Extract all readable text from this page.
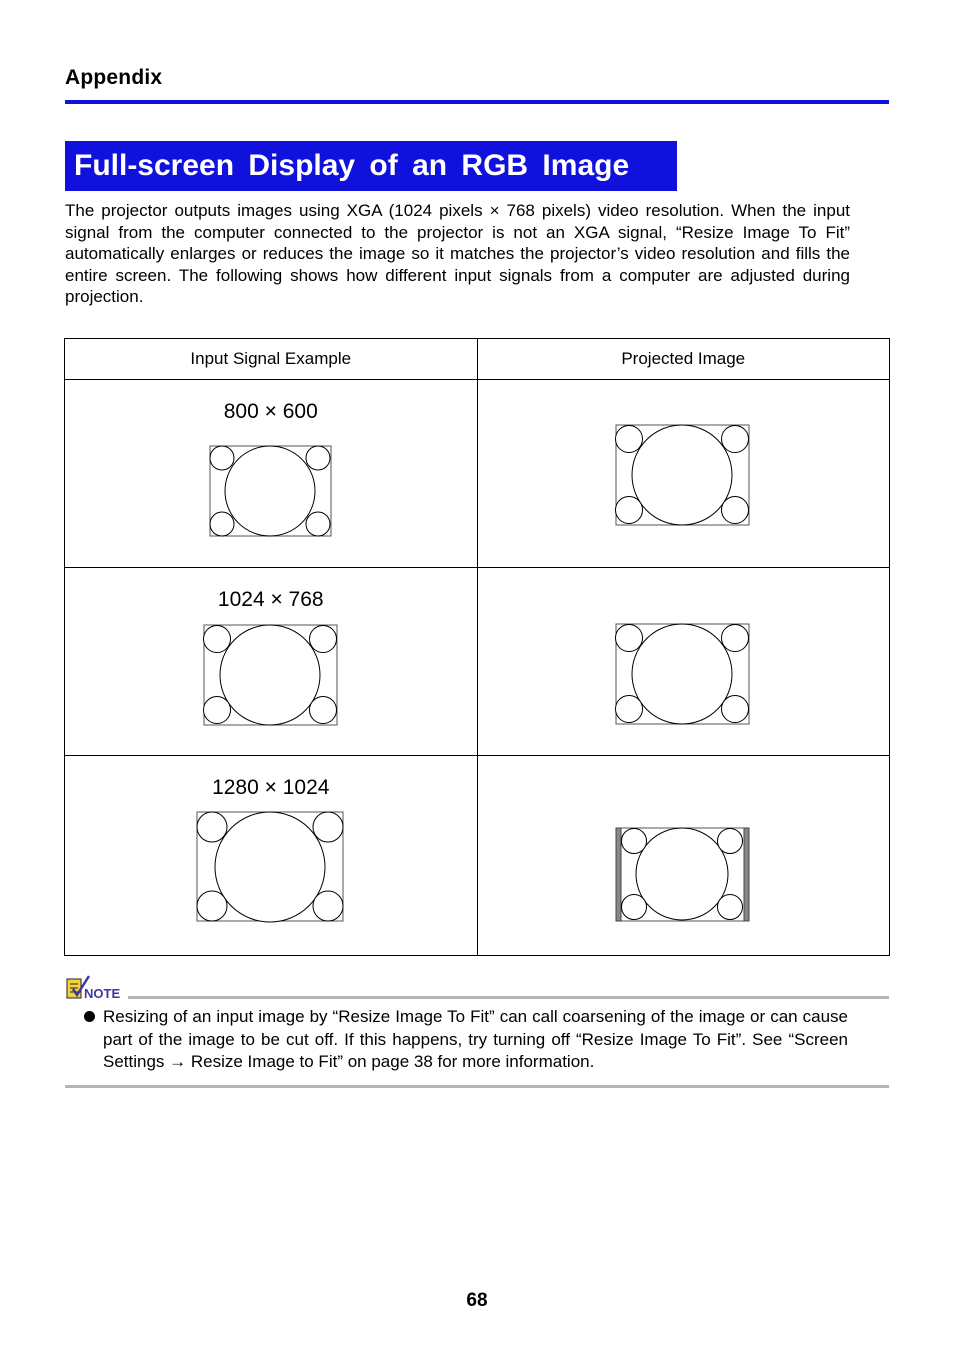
Appendix
Full-screen Display of an RGB Image

The projector outputs images using XGA (1024 pixels × 768 pixels) video resolution. When the input signal from the computer connected to the projector is not an XGA signal, “Resize Image To Fit” automatically enlarges or reduces the image so it matches the projector’s video resolution and fills the entire screen. The following shows how different input signals from a computer are adjusted during projection.

Input Signal Example	Projected Image

800 × 600

1024 × 768

1280 × 1024

NOTE
Resizing of an input image by “Resize Image To Fit” can call coarsening of the image or can cause part of the image to be cut off. If this happens, try turning off “Resize Image To Fit”. See “Screen Settings → Resize Image to Fit” on page 38 for more information.
68
